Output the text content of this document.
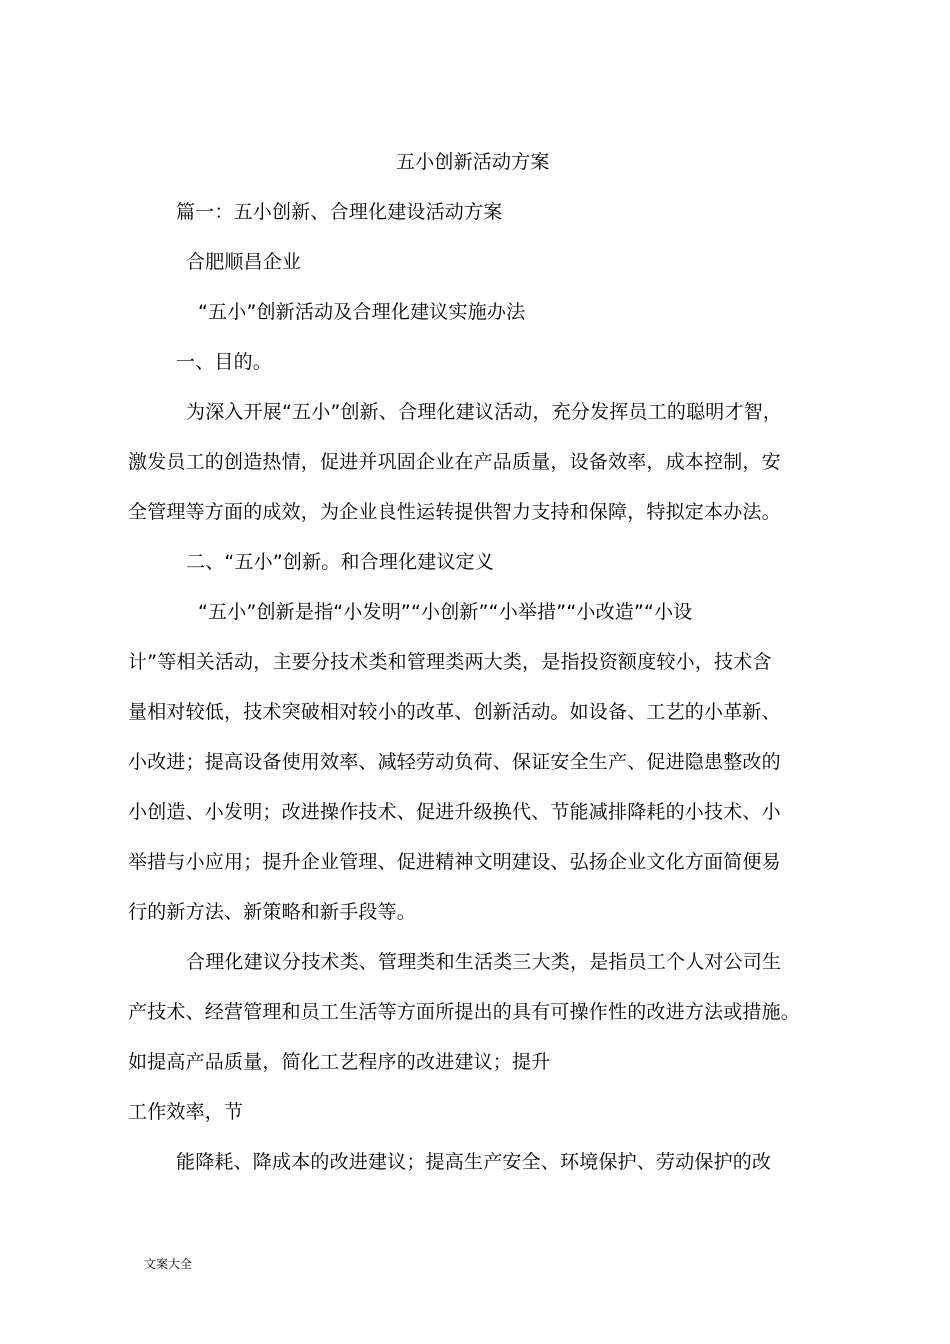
五小创新活动方案
篇一：五小创新、合理化建设活动方案
合肥顺昌企业
“五小”创新活动及合理化建议实施办法
一、目的。
为深入开展“五小”创新、合理化建议活动，充分发挥员工的聪明才智，
激发员工的创造热情，促进并巩固企业在产品质量，设备效率，成本控制，安
全管理等方面的成效，为企业良性运转提供智力支持和保障，特拟定本办法。
二、“五小”创新。和合理化建议定义
“五小”创新是指“小发明”“小创新”“小举措”“小改造”“小设
计”等相关活动，主要分技术类和管理类两大类，是指投资额度较小，技术含
量相对较低，技术突破相对较小的改革、创新活动。如设备、工艺的小革新、
小改进；提高设备使用效率、减轻劳动负荷、保证安全生产、促进隐患整改的
小创造、小发明；改进操作技术、促进升级换代、节能减排降耗的小技术、小
举措与小应用；提升企业管理、促进精神文明建设、弘扬企业文化方面简便易
行的新方法、新策略和新手段等。
合理化建议分技术类、管理类和生活类三大类，是指员工个人对公司生
产技术、经营管理和员工生活等方面所提出的具有可操作性的改进方法或措施。
如提高产品质量，简化工艺程序的改进建议；提升
工作效率，节
能降耗、降成本的改进建议；提高生产安全、环境保护、劳动保护的改
文案大全
